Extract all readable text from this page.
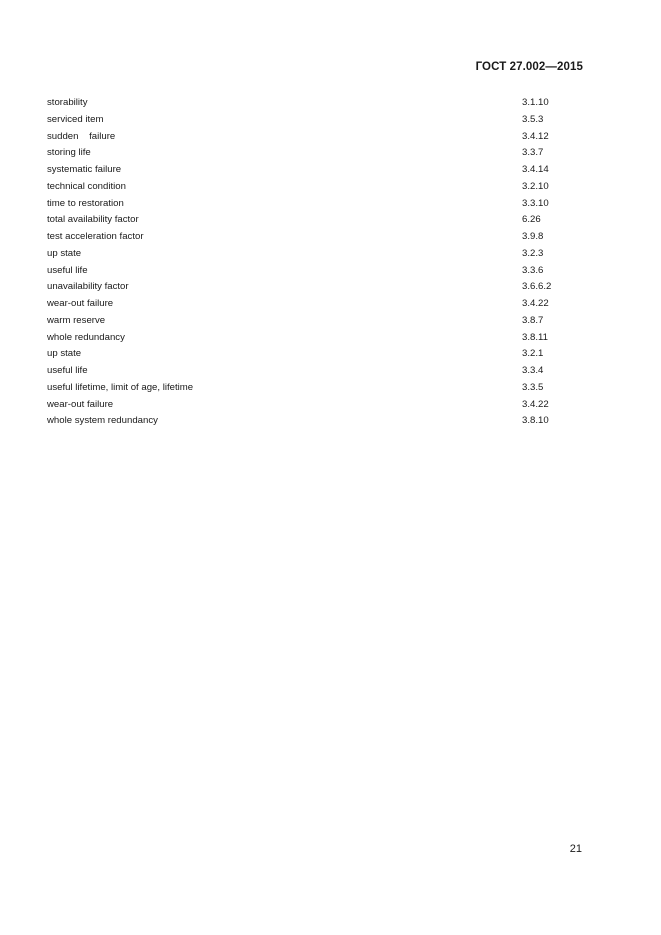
ГОСТ 27.002—2015
storability	3.1.10
serviced item	3.5.3
sudden    failure	3.4.12
storing life	3.3.7
systematic failure	3.4.14
technical condition	3.2.10
time to restoration	3.3.10
total availability factor	6.26
test acceleration factor	3.9.8
up state	3.2.3
useful life	3.3.6
unavailability factor	3.6.6.2
wear-out failure	3.4.22
warm reserve	3.8.7
whole redundancy	3.8.11
up state	3.2.1
useful life	3.3.4
useful lifetime, limit of age, lifetime	3.3.5
wear-out failure	3.4.22
whole system redundancy	3.8.10
21
